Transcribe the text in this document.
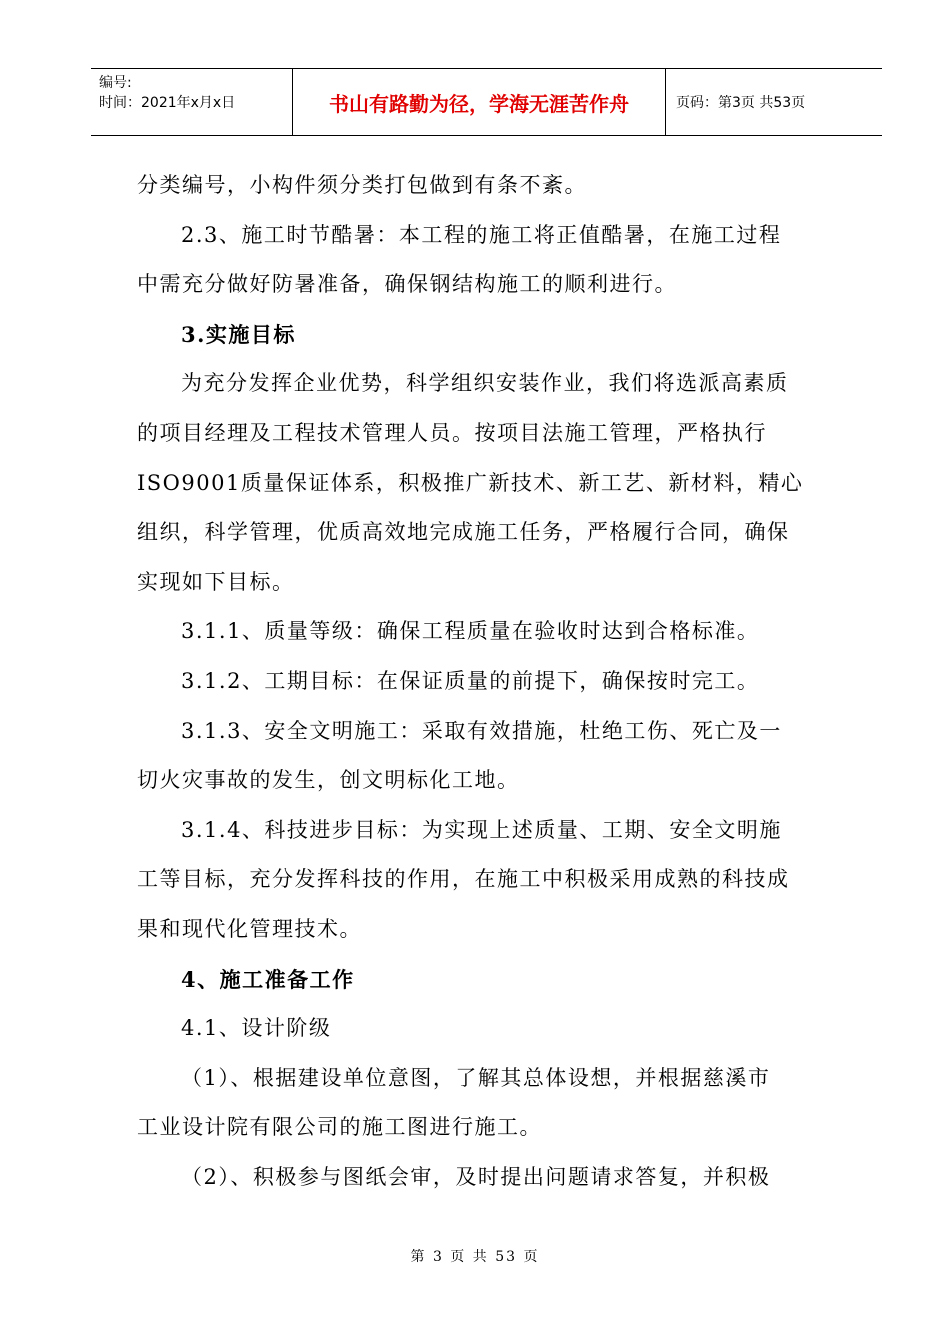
编号:
时间：2021年x月x日	书山有路勤为径，学海无涯苦作舟	页码：第3页 共53页

分类编号，小构件须分类打包做到有条不紊。

2.3、施工时节酷暑：本工程的施工将正值酷暑，在施工过程

中需充分做好防暑准备，确保钢结构施工的顺利进行。

3.实施目标

为充分发挥企业优势，科学组织安装作业，我们将选派高素质

的项目经理及工程技术管理人员。按项目法施工管理，严格执行

ISO9001质量保证体系，积极推广新技术、新工艺、新材料，精心

组织，科学管理，优质高效地完成施工任务，严格履行合同，确保

实现如下目标。

3.1.1、质量等级：确保工程质量在验收时达到合格标准。

3.1.2、工期目标：在保证质量的前提下，确保按时完工。

3.1.3、安全文明施工：采取有效措施，杜绝工伤、死亡及一

切火灾事故的发生，创文明标化工地。

3.1.4、科技进步目标：为实现上述质量、工期、安全文明施

工等目标，充分发挥科技的作用，在施工中积极采用成熟的科技成

果和现代化管理技术。

4、施工准备工作

4.1、设计阶级

（1）、根据建设单位意图，了解其总体设想，并根据慈溪市

工业设计院有限公司的施工图进行施工。

（2）、积极参与图纸会审，及时提出问题请求答复，并积极

第 3 页 共 53 页
